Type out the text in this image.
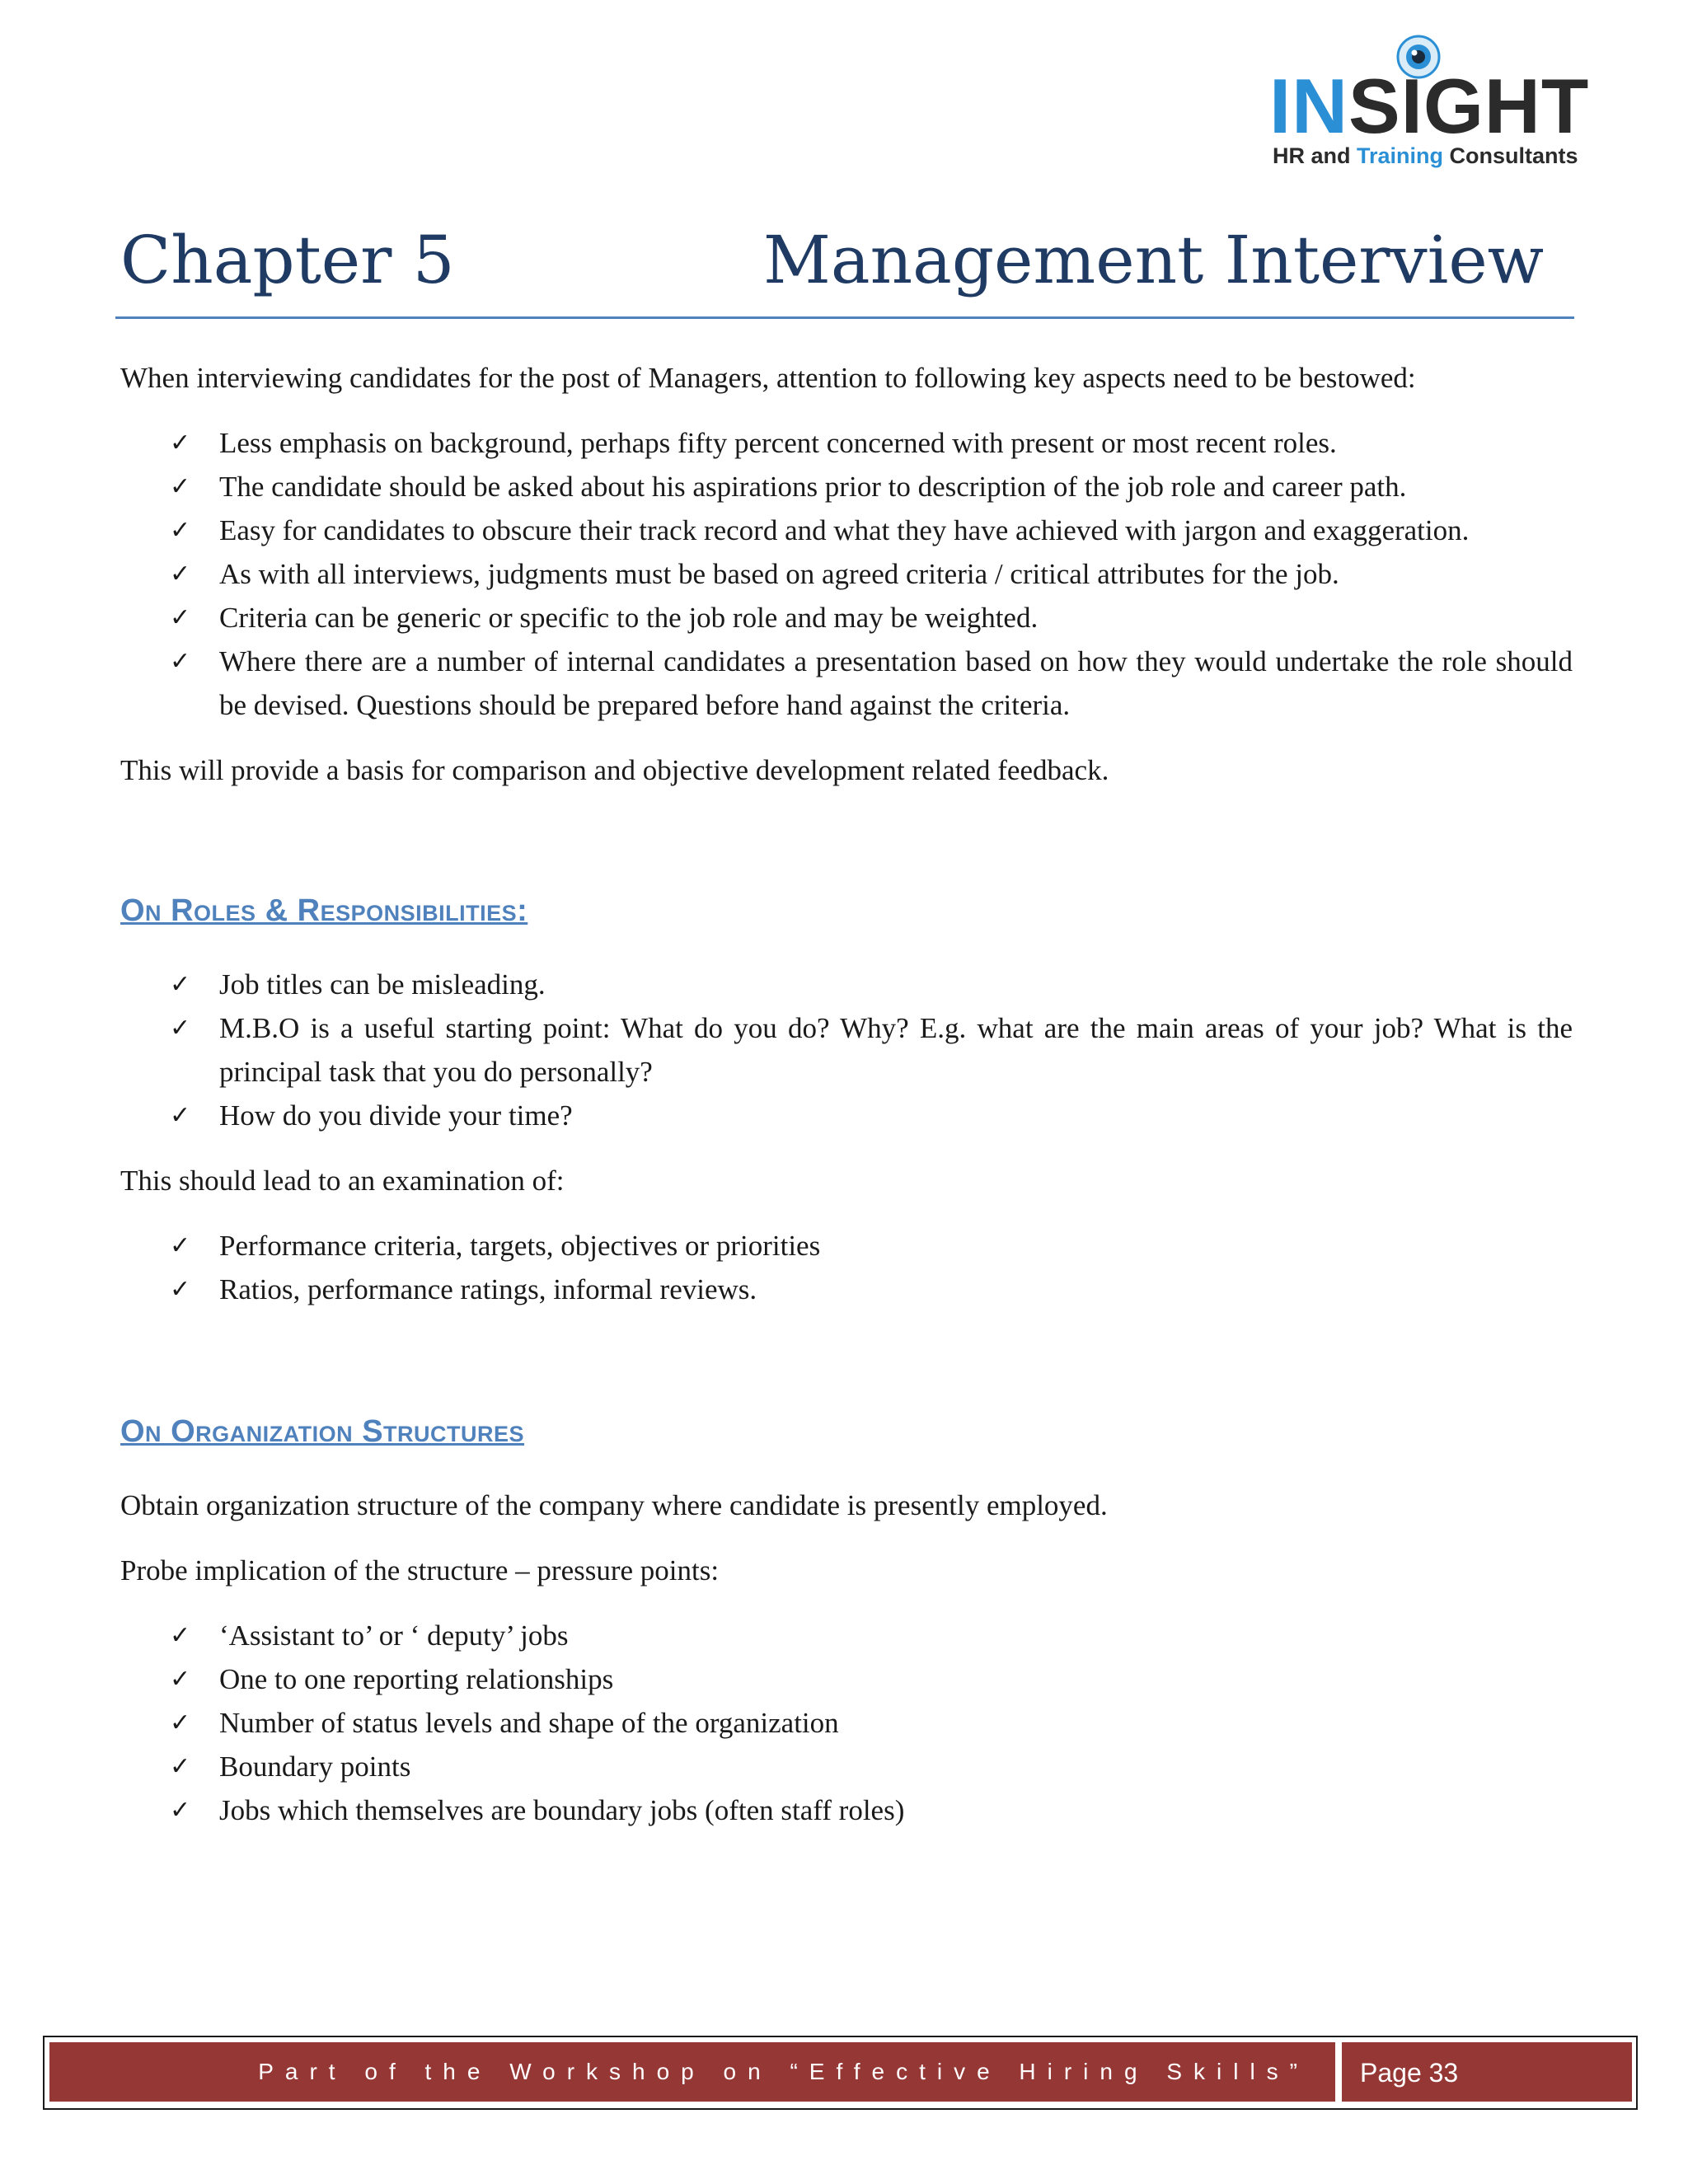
INSIGHT
HR and Training Consultants
Chapter 5	Management Interview

When interviewing candidates for the post of Managers, attention to following key aspects need to be bestowed:

✓ Less emphasis on background, perhaps fifty percent concerned with present or most recent roles.
✓ The candidate should be asked about his aspirations prior to description of the job role and career path.
✓ Easy for candidates to obscure their track record and what they have achieved with jargon and exaggeration.
✓ As with all interviews, judgments must be based on agreed criteria / critical attributes for the job.
✓ Criteria can be generic or specific to the job role and may be weighted.
✓ Where there are a number of internal candidates a presentation based on how they would undertake the role should be devised. Questions should be prepared before hand against the criteria.

This will provide a basis for comparison and objective development related feedback.

On Roles & Responsibilities:
✓ Job titles can be misleading.
✓ M.B.O is a useful starting point: What do you do? Why? E.g. what are the main areas of your job? What is the principal task that you do personally?
✓ How do you divide your time?

This should lead to an examination of:

✓ Performance criteria, targets, objectives or priorities
✓ Ratios, performance ratings, informal reviews.
On Organization Structures

Obtain organization structure of the company where candidate is presently employed.

Probe implication of the structure – pressure points:

✓ ‘Assistant to’ or ‘ deputy’ jobs
✓ One to one reporting relationships
✓ Number of status levels and shape of the organization
✓ Boundary points
✓ Jobs which themselves are boundary jobs (often staff roles)
Part of the Workshop on “Effective Hiring Skills”	Page 33
